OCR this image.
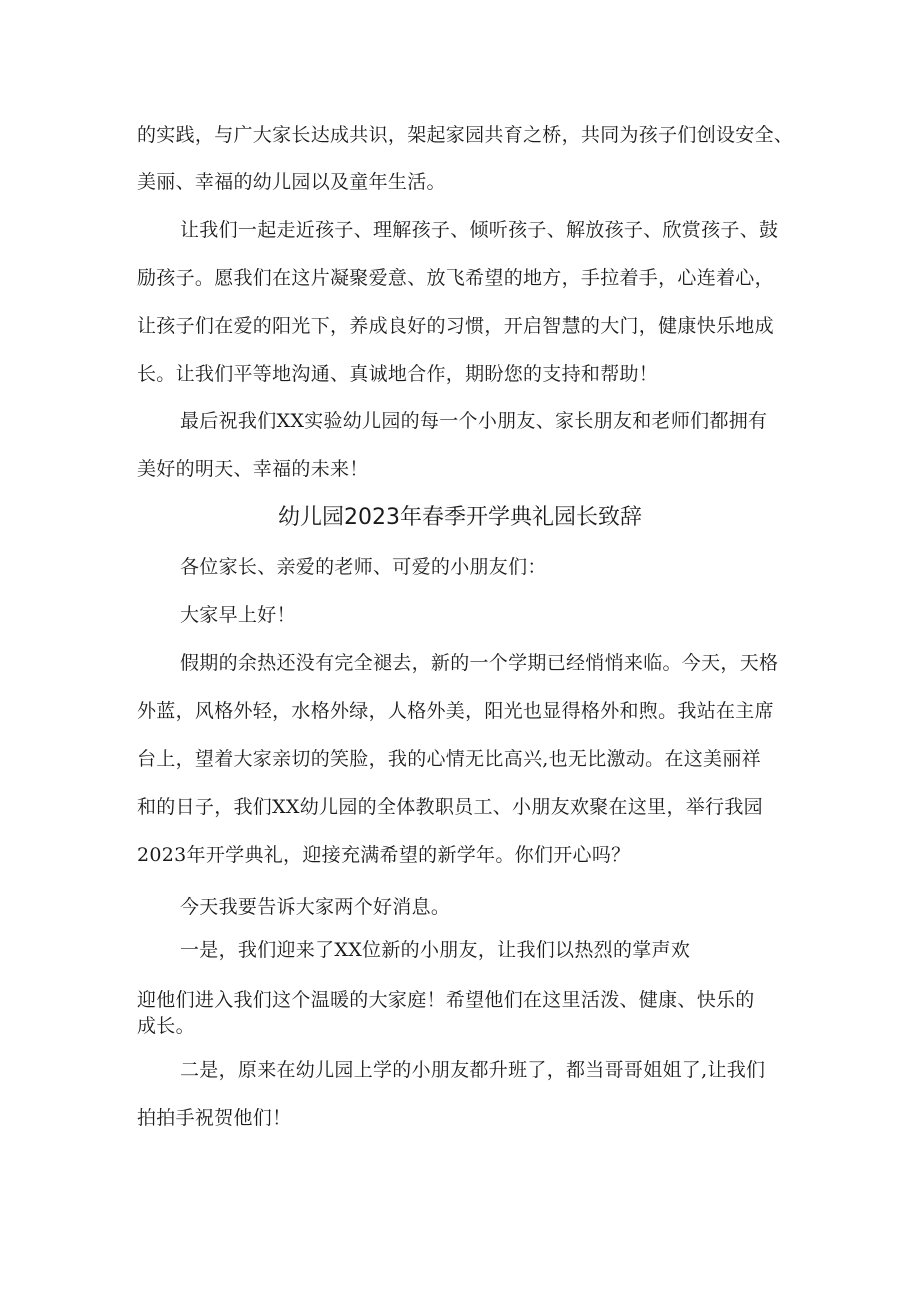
的实践，与广大家长达成共识，架起家园共育之桥，共同为孩子们创设安全、
美丽、幸福的幼儿园以及童年生活。
让我们一起走近孩子、理解孩子、倾听孩子、解放孩子、欣赏孩子、鼓
励孩子。愿我们在这片凝聚爱意、放飞希望的地方，手拉着手，心连着心，
让孩子们在爱的阳光下，养成良好的习惯，开启智慧的大门，健康快乐地成
长。让我们平等地沟通、真诚地合作，期盼您的支持和帮助！
最后祝我们XX实验幼儿园的每一个小朋友、家长朋友和老师们都拥有
美好的明天、幸福的未来！
幼儿园2023年春季开学典礼园长致辞
各位家长、亲爱的老师、可爱的小朋友们：
大家早上好！
假期的余热还没有完全褪去，新的一个学期已经悄悄来临。今天，天格
外蓝，风格外轻，水格外绿，人格外美，阳光也显得格外和煦。我站在主席
台上，望着大家亲切的笑脸，我的心情无比高兴,也无比激动。在这美丽祥
和的日子，我们XX幼儿园的全体教职员工、小朋友欢聚在这里，举行我园
2023年开学典礼，迎接充满希望的新学年。你们开心吗？
今天我要告诉大家两个好消息。
一是，我们迎来了XX位新的小朋友，让我们以热烈的掌声欢
迎他们进入我们这个温暖的大家庭！希望他们在这里活泼、健康、快乐的
成长。
二是，原来在幼儿园上学的小朋友都升班了，都当哥哥姐姐了,让我们
拍拍手祝贺他们！
